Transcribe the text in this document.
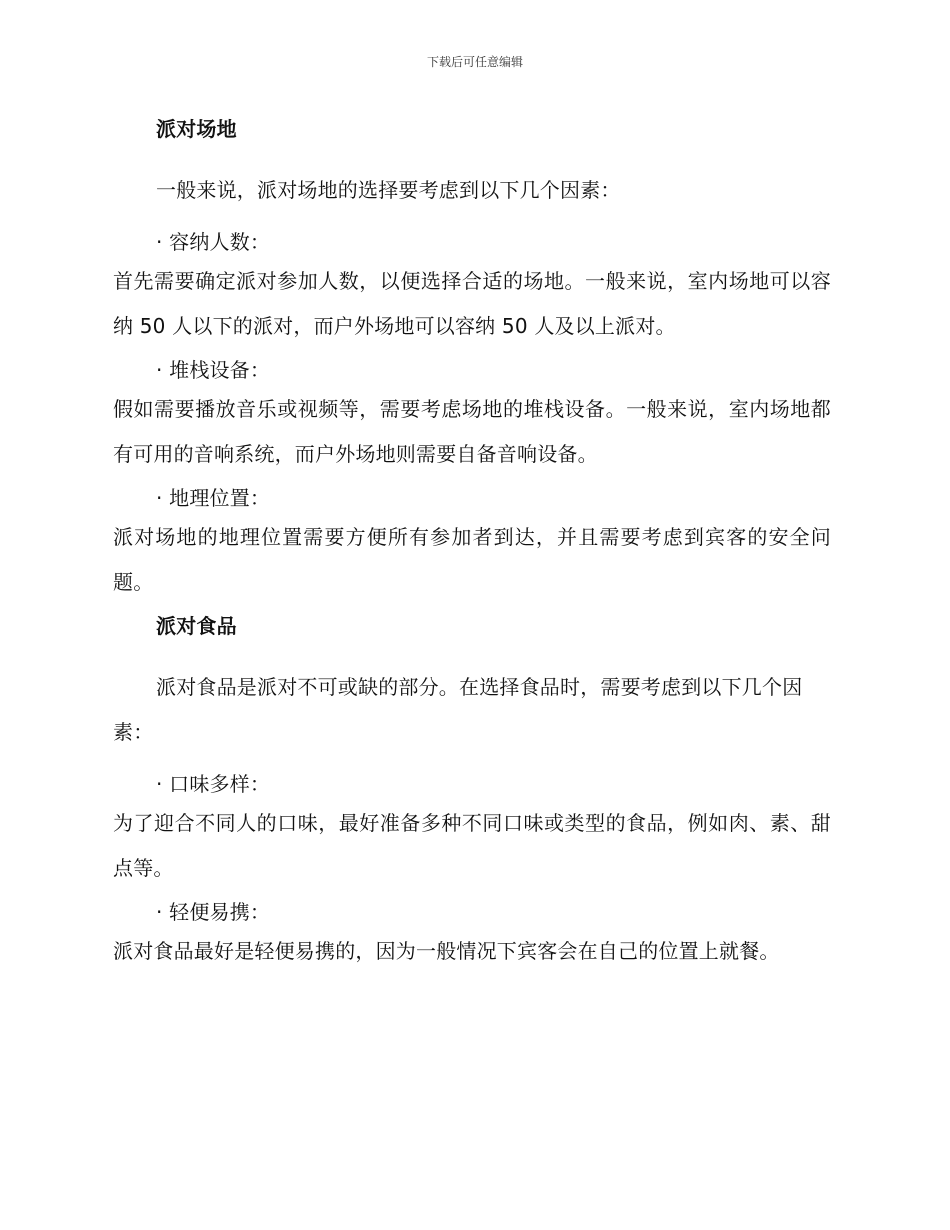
下载后可任意编辑
派对场地

一般来说，派对场地的选择要考虑到以下几个因素：

· 容纳人数：

首先需要确定派对参加人数，以便选择合适的场地。一般来说，室内场地可以容纳 50 人以下的派对，而户外场地可以容纳 50 人及以上派对。

· 堆栈设备：

假如需要播放音乐或视频等，需要考虑场地的堆栈设备。一般来说，室内场地都有可用的音响系统，而户外场地则需要自备音响设备。

· 地理位置：

派对场地的地理位置需要方便所有参加者到达，并且需要考虑到宾客的安全问题。

派对食品

派对食品是派对不可或缺的部分。在选择食品时，需要考虑到以下几个因素：

· 口味多样：

为了迎合不同人的口味，最好准备多种不同口味或类型的食品，例如肉、素、甜点等。

· 轻便易携：

派对食品最好是轻便易携的，因为一般情况下宾客会在自己的位置上就餐。
